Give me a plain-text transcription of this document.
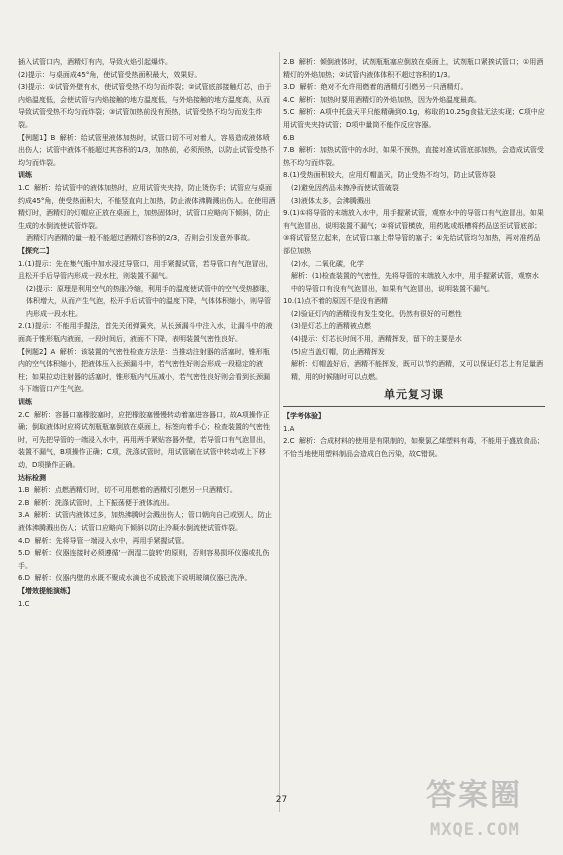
插入试管口内，酒精灯有内，导致火焰引起爆炸。

(2)提示：与桌面成45°角，使试管受热面积最大，效果好。

(3)提示：①试管外壁有水，使试管受热不均匀而炸裂；②试管底部接触灯芯，由于内焰温度低，会使试管与内焰接触的地方温度低，与外焰接触的地方温度高，从而导致试管受热不均匀而炸裂；③试管加热前没有预热，试管受热不均匀而发生炸裂。

【例题1】B  解析：给试管里液体加热时，试管口切不可对着人，容易造成液体喷出伤人；试管中液体不能超过其容积的1/3，加热前，必须预热，以防止试管受热不均匀而炸裂。

训练

1.C  解析：给试管中的液体加热时，应用试管夹夹持，防止烫伤手；试管应与桌面约成45°角，使受热面积大，不能竖直向上加热，防止液体沸腾溅出伤人。在使用酒精灯时，酒精灯的灯帽应正放在桌面上，加热固体时，试管口应略向下倾斜，防止生成的水倒流使试管炸裂。

酒精灯内酒精的量一般不能超过酒精灯容积的2/3，否则会引发意外事故。

【探究二】

1.(1)提示：先在集气瓶中加水浸过导管口，用手紧握试管，若导管口有气泡冒出，且松开手后导管内形成一段水柱，则装置不漏气。

(2)提示：原理是利用空气的热胀冷缩，利用手的温度使试管中的空气受热膨胀，体积增大，从而产生气泡，松开手后试管中的温度下降，气体体积缩小，则导管内形成一段水柱。

2.(1)提示：不能用手握法，首先关闭弹簧夹，从长颈漏斗中注入水，让漏斗中的液面高于锥形瓶内液面，一段时间后，液面不下降，表明装置气密性良好。

【例题2】A  解析：该装置的气密性检查方法是：当推动注射器的活塞时，锥形瓶内的空气体积缩小，把液体压入长颈漏斗中，若气密性好则会形成一段稳定的液柱；如果拉动注射器的活塞时，锥形瓶内气压减小，若气密性良好则会看到长颈漏斗下端管口产生气泡。

训练

2.C  解析：容器口塞橡胶塞时，应把橡胶塞慢慢转动着塞进容器口，故A项操作正确；倒取液体时应将试剂瓶瓶塞倒放在桌面上，标签向着手心；检查装置的气密性时，可先把导管的一端浸入水中，再用两手紧贴容器外壁，若导管口有气泡冒出，装置不漏气，B项操作正确；C项，洗涤试管时，用试管刷在试管中转动或上下移动，D项操作正确。

达标检测

1.B  解析：点燃酒精灯时，切不可用燃着的酒精灯引燃另一只酒精灯。

2.B  解析：洗涤试管时，上下振荡便于液体流出。

3.A  解析：试管内液体过多，加热沸腾时会溅出伤人；管口朝向自己或别人，防止液体沸腾溅出伤人；试管口应略向下倾斜以防止冷凝水倒流使试管炸裂。

4.D  解析：先将导管一端浸入水中，再用手紧握试管。

5.D  解析：仪器连接时必须遵循'一润湿二旋转'的原则，否则容易损坏仪器或扎伤手。

6.D  解析：仪器内壁的水既不聚成水滴也不成股流下说明玻璃仪器已洗净。

【增效提能演练】

1.C

2.B  解析：倾倒液体时，试剂瓶瓶塞应倒放在桌面上，试剂瓶口紧挨试管口；①用酒精灯的外焰加热；②试管内液体体积不超过容积的1/3。

3.D  解析：绝对不允许用燃着的酒精灯引燃另一只酒精灯。

4.C  解析：加热时要用酒精灯的外焰加热，因为外焰温度最高。

5.C  解析：A项中托盘天平只能精确到0.1g，称取的10.25g食盐无法实现；C项中应用试管夹夹持试管；D项中量筒不能作反应容器。

6.B

7.B  解析：加热试管中的水时，如果不预热，直接对准试管底部加热，会造成试管受热不均匀而炸裂。

8.(1)受热面积较大，应用灯帽盖灭，防止受热不均匀，防止试管炸裂

(2)避免因药品未擦净而使试管破裂

(3)液体太多，会沸腾溅出

9.(1)①将导管的末端放入水中，用手握紧试管，观察水中的导管口有气泡冒出，如果有气泡冒出，说明装置不漏气；②将试管横放，用药匙或纸槽将药品送至试管底部；③将试管竖立起来，在试管口塞上带导管的塞子；④先给试管均匀加热，再对准药品部位加热

(2)水，二氧化碳，化学

解析：(1)检查装置的气密性，先将导管的末端放入水中，用手握紧试管，观察水中的导管口有没有气泡冒出，如果有气泡冒出，说明装置不漏气。

10.(1)点不着的原因不是没有酒精

(2)验证灯内的酒精没有发生变化，仍然有很好的可燃性

(3)是灯芯上的酒精被点燃

(4)提示：灯芯长时间不用，酒精挥发，留下的主要是水

(5)应当盖灯帽，防止酒精挥发

解析：灯帽盖好后，酒精不能挥发，既可以节约酒精，又可以保证灯芯上有足量酒精，用的时候随时可以点燃。

单元复习课

【学考体验】

1.A

2.C  解析：合成材料的使用是有限制的，如聚氯乙烯塑料有毒，不能用于盛放食品；不恰当地使用塑料制品会造成白色污染，故C错误。

27	答案圈
MXQE.COM
